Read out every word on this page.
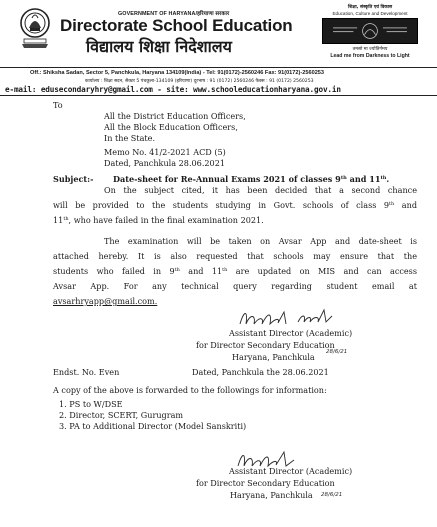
GOVERNMENT OF HARYANA/हरियाणा सरकार
Directorate School Education
विद्यालय शिक्षा निदेशालय
शिक्षा, संस्कृति एवं विकास
Education, Culture and Development
तमसो मा ज्योतिर्गमय
Lead me from Darkness to Light
Off.: Shiksha Sadan, Sector 5, Panchkula, Haryana 134109(India) - Tel: 91(0172)-2560246 Fax: 91(0172)-2560253
कार्यालय : शिक्षा सदन, सैक्टर 5 पंचकूला-134109 (हरियाणा) दूरभाष : 91 (0172) 2560246 फैक्स : 91 (0172) 2560253
e-mail: edusecondaryhry@gmail.com - site: www.schooleducationharyana.gov.in
To
All the District Education Officers,
All the Block Education Officers,
In the State.
Memo No. 41/2-2021 ACD (5)
Dated, Panchkula 28.06.2021
Subject:- Date-sheet for Re-Annual Exams 2021 of classes 9th and 11th.
On the subject cited, it has been decided that a second chance
will be provided to the students studying in Govt. schools of class 9th and
11th, who have failed in the final examination 2021.
The examination will be taken on Avsar App and date-sheet is
attached hereby. It is also requested that schools may ensure that the
students who failed in 9th and 11th are updated on MIS and can access
Avsar App. For any technical query regarding student email at
avsarhryapp@gmail.com.
Assistant Director (Academic)
for Director Secondary Education
Haryana, Panchkula 28/6/21
Endst. No. Even	Dated, Panchkula the 28.06.2021
A copy of the above is forwarded to the followings for information:
1. PS to W/DSE
2. Director, SCERT, Gurugram
3. PA to Additional Director (Model Sanskriti)
Assistant Director (Academic)
for Director Secondary Education
Haryana, Panchkula 28/6/21
